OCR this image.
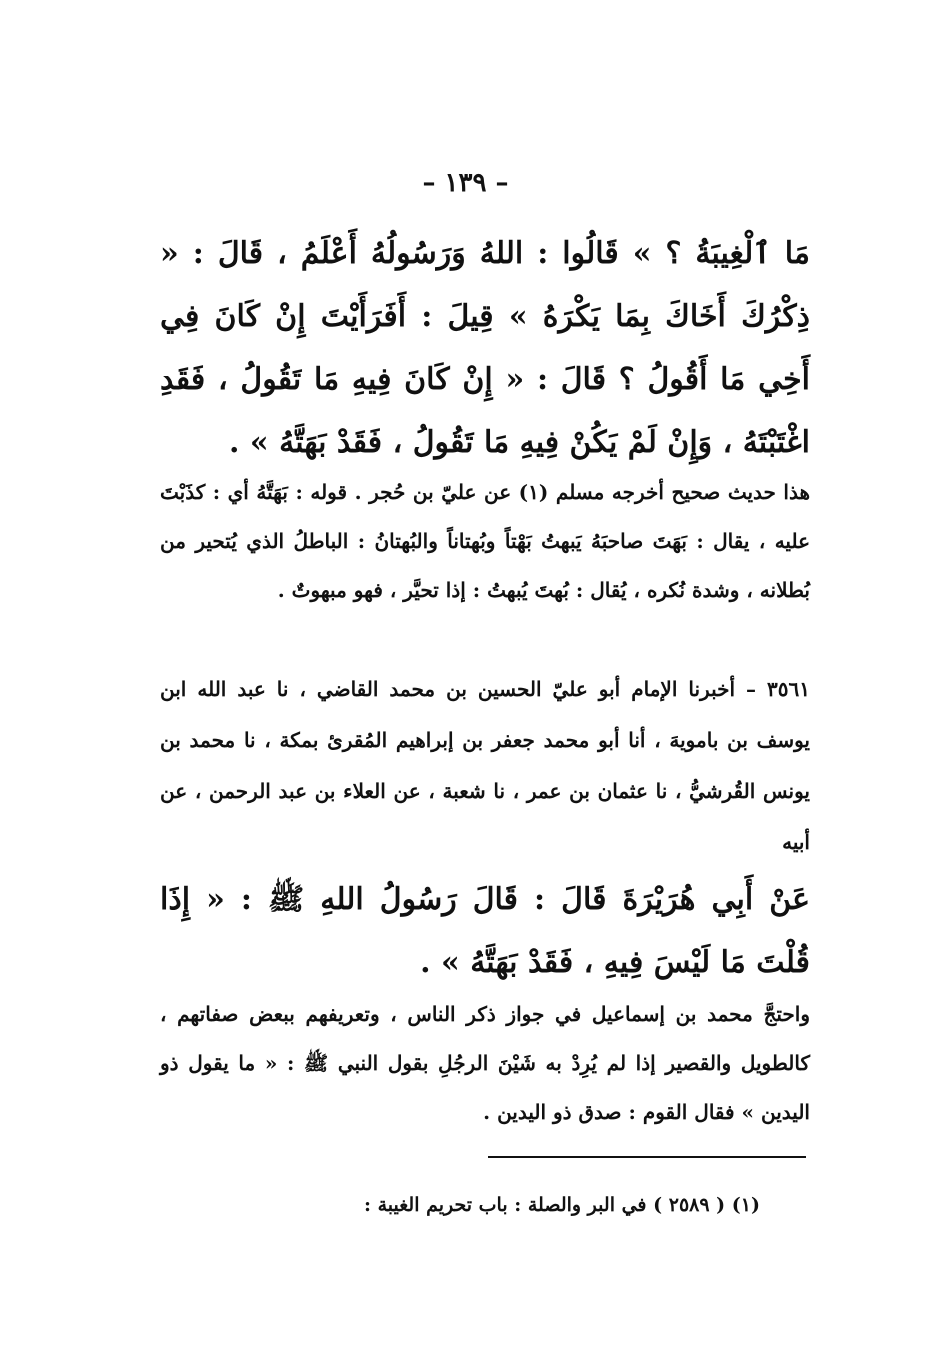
– ١٣٩ –

مَا ٱلْغِيبَةُ ؟ » قَالُوا : اللهُ وَرَسُولُهُ أَعْلَمُ ، قَالَ : « ذِكْرُكَ أَخَاكَ بِمَا يَكْرَهُ » قِيلَ : أَفَرَأَيْتَ إِنْ كَانَ فِي أَخِي مَا أَقُولُ ؟ قَالَ : « إِنْ كَانَ فِيهِ مَا تَقُولُ ، فَقَدِ اغْتَبْتَهُ ، وَإِنْ لَمْ يَكُنْ فِيهِ مَا تَقُولُ ، فَقَدْ بَهَتَّهُ » .

هذا حديث صحيح أخرجه مسلم (١) عن عليّ بن حُجر . قوله : بَهَتَّهُ أي : كذَبْتَ عليه ، يقال : بَهَتَ صاحبَهُ يَبهتُ بَهْتاً وبُهتاناً والبُهتانُ : الباطلُ الذي يُتحير من بُطلانه ، وشدة نُكره ، يُقال : بُهتَ يُبهتُ : إذا تحيَّر ، فهو مبهوتٌ .

٣٥٦١ – أخبرنا الإمام أبو عليّ الحسين بن محمد القاضي ، نا عبد الله ابن يوسف بن بامويهَ ، أنا أبو محمد جعفر بن إبراهيم المُقرئ بمكة ، نا محمد بن يونس القُرشيُّ ، نا عثمان بن عمر ، نا شعبة ، عن العلاء بن عبد الرحمن ، عن أبيه

عَنْ أَبِي هُرَيْرَةَ قَالَ : قَالَ رَسُولُ اللهِ ﷺ : « إِذَا قُلْتَ مَا لَيْسَ فِيهِ ، فَقَدْ بَهَتَّهُ » .

واحتجَّ محمد بن إسماعيل في جواز ذكر الناس ، وتعريفهم ببعض صفاتهم ، كالطويل والقصير إذا لم يُرِدْ به شَيْنَ الرجُلِ بقول النبي ﷺ : « ما يقول ذو اليدين » فقال القوم : صدق ذو اليدين .

(١) ( ٢٥٨٩ ) في البر والصلة : باب تحريم الغيبة :
